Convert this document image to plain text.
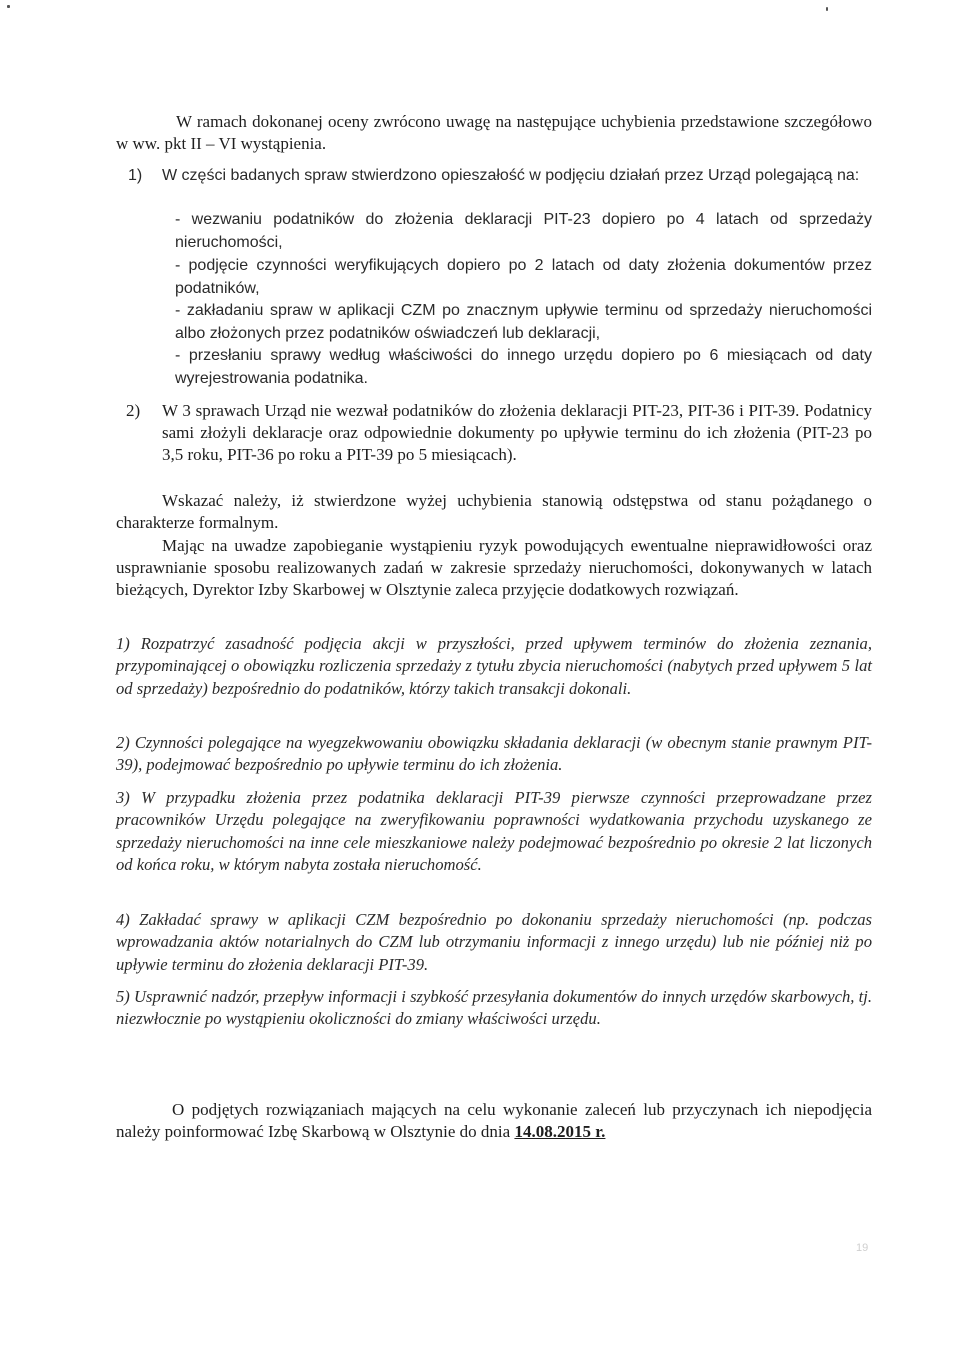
W ramach dokonanej oceny zwrócono uwagę na następujące uchybienia przedstawione szczegółowo w ww. pkt II – VI wystąpienia.

1) W części badanych spraw stwierdzono opieszałość w podjęciu działań przez Urząd polegającą na:

- wezwaniu podatników do złożenia deklaracji PIT-23 dopiero po 4 latach od sprzedaży nieruchomości,

- podjęcie czynności weryfikujących dopiero po 2 latach od daty złożenia dokumentów przez podatników,

- zakładaniu spraw w aplikacji CZM po znacznym upływie terminu od sprzedaży nieruchomości albo złożonych przez podatników oświadczeń lub deklaracji,

- przesłaniu sprawy według właściwości do innego urzędu dopiero po 6 miesiącach od daty wyrejestrowania podatnika.

2) W 3 sprawach Urząd nie wezwał podatników do złożenia deklaracji PIT-23, PIT-36 i PIT-39. Podatnicy sami złożyli deklaracje oraz odpowiednie dokumenty po upływie terminu do ich złożenia (PIT-23 po 3,5 roku, PIT-36 po roku a PIT-39 po 5 miesiącach).

Wskazać należy, iż stwierdzone wyżej uchybienia stanowią odstępstwa od stanu pożądanego o charakterze formalnym.

Mając na uwadze zapobieganie wystąpieniu ryzyk powodujących ewentualne nieprawidłowości oraz usprawnianie sposobu realizowanych zadań w zakresie sprzedaży nieruchomości, dokonywanych w latach bieżących, Dyrektor Izby Skarbowej w Olsztynie zaleca przyjęcie dodatkowych rozwiązań.

1) Rozpatrzyć zasadność podjęcia akcji w przyszłości, przed upływem terminów do złożenia zeznania, przypominającej o obowiązku rozliczenia sprzedaży z tytułu zbycia nieruchomości (nabytych przed upływem 5 lat od sprzedaży) bezpośrednio do podatników, którzy takich transakcji dokonali.

2) Czynności polegające na wyegzekwowaniu obowiązku składania deklaracji (w obecnym stanie prawnym PIT-39), podejmować bezpośrednio po upływie terminu do ich złożenia.

3) W przypadku złożenia przez podatnika deklaracji PIT-39 pierwsze czynności przeprowadzane przez pracowników Urzędu polegające na zweryfikowaniu poprawności wydatkowania przychodu uzyskanego ze sprzedaży nieruchomości na inne cele mieszkaniowe należy podejmować bezpośrednio po okresie 2 lat liczonych od końca roku, w którym nabyta została nieruchomość.

4) Zakładać sprawy w aplikacji CZM bezpośrednio po dokonaniu sprzedaży nieruchomości (np. podczas wprowadzania aktów notarialnych do CZM lub otrzymaniu informacji z innego urzędu) lub nie później niż po upływie terminu do złożenia deklaracji PIT-39.

5) Usprawnić nadzór, przepływ informacji i szybkość przesyłania dokumentów do innych urzędów skarbowych, tj. niezwłocznie po wystąpieniu okoliczności do zmiany właściwości urzędu.

O podjętych rozwiązaniach mających na celu wykonanie zaleceń lub przyczynach ich niepodjęcia należy poinformować Izbę Skarbową w Olsztynie do dnia 14.08.2015 r.

19
